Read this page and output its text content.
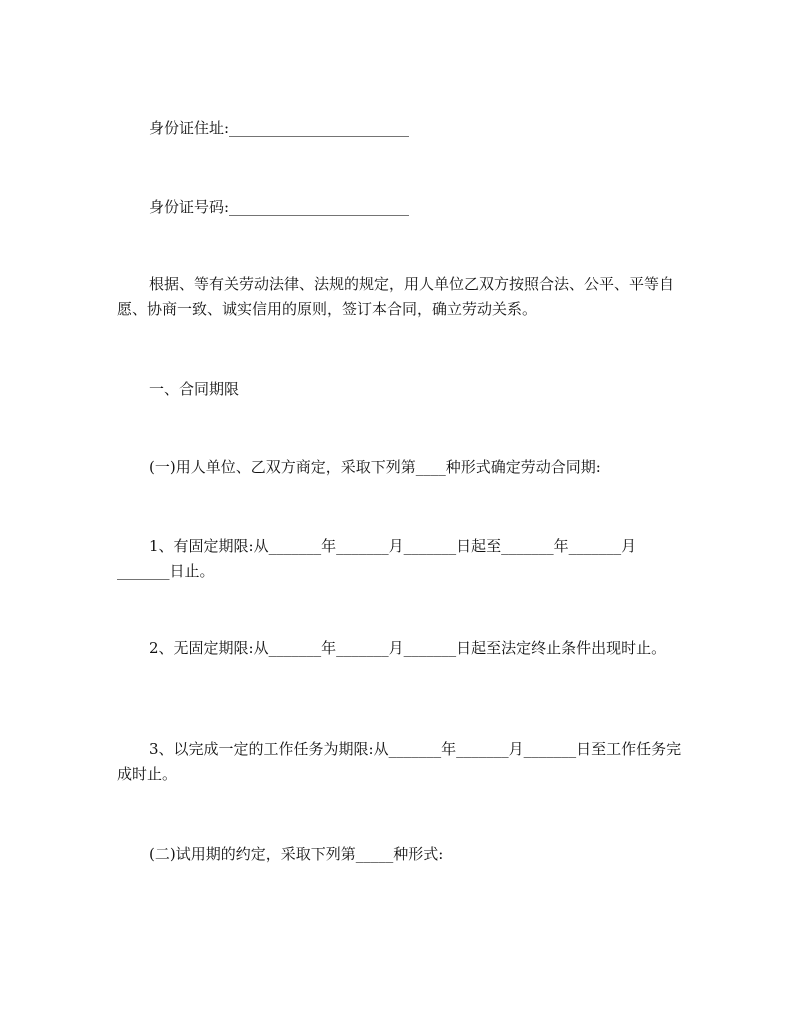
身份证住址:________________________

身份证号码:________________________

根据、等有关劳动法律、法规的规定，用人单位乙双方按照合法、公平、平等自愿、协商一致、诚实信用的原则，签订本合同，确立劳动关系。

一、合同期限

(一)用人单位、乙双方商定，采取下列第____种形式确定劳动合同期:

1、有固定期限:从_______年_______月_______日起至_______年_______月_______日止。

2、无固定期限:从_______年_______月_______日起至法定终止条件出现时止。

3、以完成一定的工作任务为期限:从_______年_______月_______日至工作任务完成时止。

(二)试用期的约定，采取下列第_____种形式:
